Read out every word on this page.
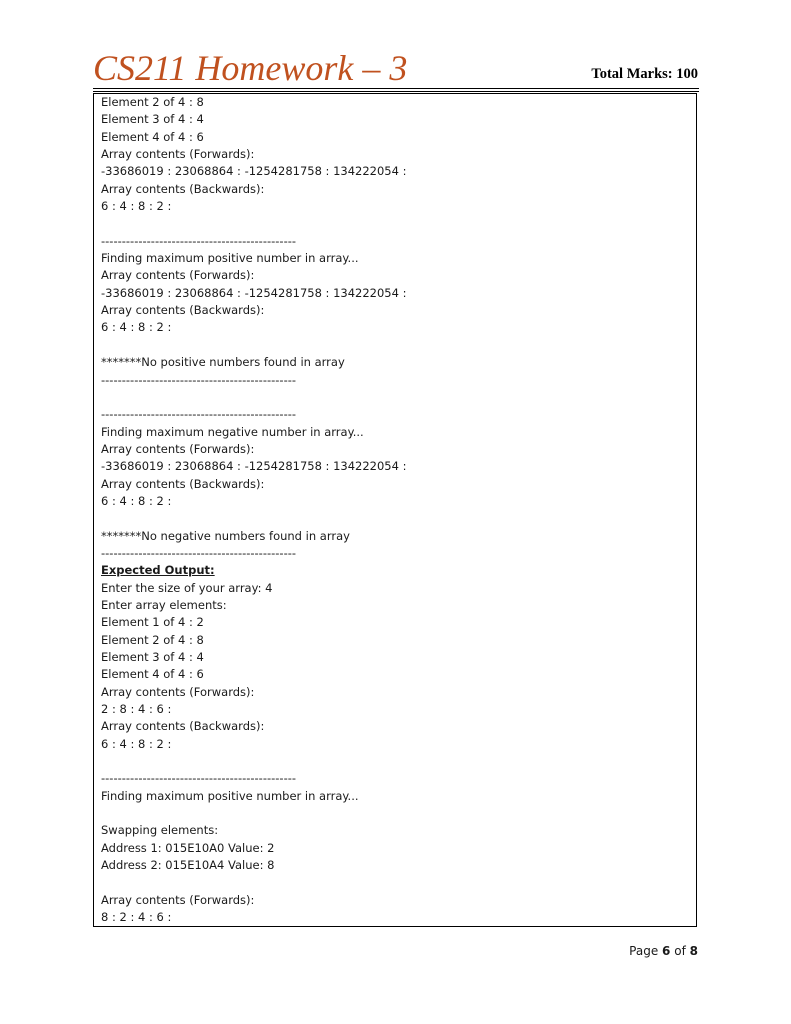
CS211 Homework – 3	Total Marks: 100
Element 2 of 4 : 8
Element 3 of 4 : 4
Element 4 of 4 : 6
Array contents (Forwards):
-33686019 : 23068864 : -1254281758 : 134222054 :
Array contents (Backwards):
6 : 4 : 8 : 2 :
-----------------------------------------------
Finding maximum positive number in array...
Array contents (Forwards):
-33686019 : 23068864 : -1254281758 : 134222054 :
Array contents (Backwards):
6 : 4 : 8 : 2 :
*******No positive numbers found in array
-----------------------------------------------
-----------------------------------------------
Finding maximum negative number in array...
Array contents (Forwards):
-33686019 : 23068864 : -1254281758 : 134222054 :
Array contents (Backwards):
6 : 4 : 8 : 2 :
*******No negative numbers found in array
-----------------------------------------------
Expected Output:
Enter the size of your array: 4
Enter array elements:
Element 1 of 4 : 2
Element 2 of 4 : 8
Element 3 of 4 : 4
Element 4 of 4 : 6
Array contents (Forwards):
2 : 8 : 4 : 6 :
Array contents (Backwards):
6 : 4 : 8 : 2 :
-----------------------------------------------
Finding maximum positive number in array...
Swapping elements:
Address 1: 015E10A0 Value: 2
Address 2: 015E10A4 Value: 8
Array contents (Forwards):
8 : 2 : 4 : 6 :
Page 6 of 8
